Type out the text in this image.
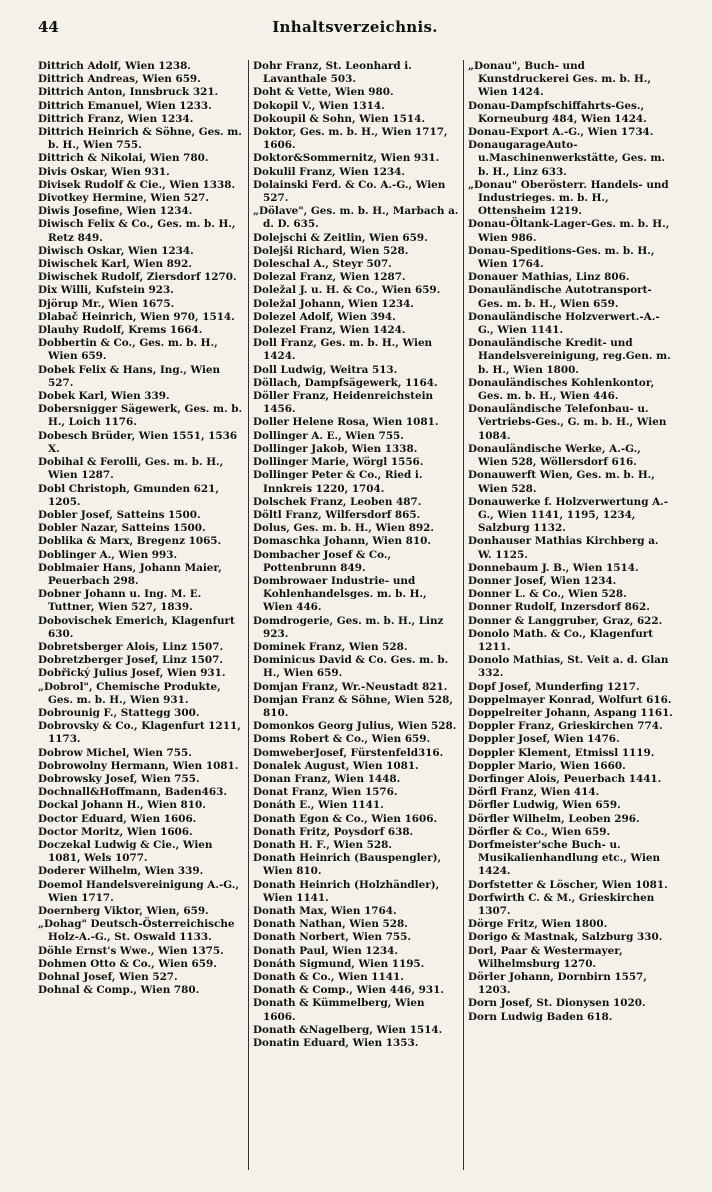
44	Inhaltsverzeichnis.
Dittrich Adolf, Wien 1238.
Dittrich Andreas, Wien 659.
Dittrich Anton, Innsbruck 321.
Dittrich Emanuel, Wien 1233.
Dittrich Franz, Wien 1234.
Dittrich Heinrich & Söhne, Ges. m. b. H., Wien 755.
Dittrich & Nikolai, Wien 780.
Divis Oskar, Wien 931.
Divisek Rudolf & Cie., Wien 1338.
Divotkey Hermine, Wien 527.
Diwis Josefine, Wien 1234.
Diwisch Felix & Co., Ges. m. b. H., Retz 849.
Diwisch Oskar, Wien 1234.
Diwischek Karl, Wien 892.
Diwischek Rudolf, Ziersdorf 1270.
Dix Willi, Kufstein 923.
Djörup Mr., Wien 1675.
Dlabač Heinrich, Wien 970, 1514.
Dlauhy Rudolf, Krems 1664.
Dobbertin & Co., Ges. m. b. H., Wien 659.
Dobek Felix & Hans, Ing., Wien 527.
Dobek Karl, Wien 339.
Dobersnigger Sägewerk, Ges. m. b. H., Loich 1176.
Dobesch Brüder, Wien 1551, 1536 X.
Dobihal & Ferolli, Ges. m. b. H., Wien 1287.
Dobl Christoph, Gmunden 621, 1205.
Dobler Josef, Satteins 1500.
Dobler Nazar, Satteins 1500.
Doblika & Marx, Bregenz 1065.
Doblinger A., Wien 993.
Doblmaier Hans, Johann Maier, Peuerbach 298.
Dobner Johann u. Ing. M. E. Tuttner, Wien 527, 1839.
Dobovischek Emerich, Klagenfurt 630.
Dobretsberger Alois, Linz 1507.
Dobretzberger Josef, Linz 1507.
Dobřický Julius Josef, Wien 931.
„Dobrol", Chemische Produkte, Ges. m. b. H., Wien 931.
Dobrounig F., Stattegg 300.
Dobrovsky & Co., Klagenfurt 1211, 1173.
Dobrow Michel, Wien 755.
Dobrowolny Hermann, Wien 1081.
Dobrowsky Josef, Wien 755.
Dochnall&Hoffmann, Baden463.
Dockal Johann H., Wien 810.
Doctor Eduard, Wien 1606.
Doctor Moritz, Wien 1606.
Doczekal Ludwig & Cie., Wien 1081, Wels 1077.
Doderer Wilhelm, Wien 339.
Doemol Handelsvereinigung A.-G., Wien 1717.
Doernberg Viktor, Wien, 659.
„Dohag" Deutsch-Österreichische Holz-A.-G., St. Oswald 1133.
Döhle Ernst's Wwe., Wien 1375.
Dohmen Otto & Co., Wien 659.
Dohnal Josef, Wien 527.
Dohnal & Comp., Wien 780.
Dohr Franz, St. Leonhard i. Lavanthale 503.
Doht & Vette, Wien 980.
Dokopil V., Wien 1314.
Dokoupil & Sohn, Wien 1514.
Doktor, Ges. m. b. H., Wien 1717, 1606.
Doktor&Sommernitz, Wien 931.
Dokulil Franz, Wien 1234.
Dolainski Ferd. & Co. A.-G., Wien 527.
„Dölave", Ges. m. b. H., Marbach a. d. D. 635.
Dolejschi & Zeitlin, Wien 659.
Dolejši Richard, Wien 528.
Doleschal A., Steyr 507.
Dolezal Franz, Wien 1287.
Doležal J. u. H. & Co., Wien 659.
Doležal Johann, Wien 1234.
Dolezel Adolf, Wien 394.
Dolezel Franz, Wien 1424.
Doll Franz, Ges. m. b. H., Wien 1424.
Doll Ludwig, Weitra 513.
Döllach, Dampfsägewerk, 1164.
Döller Franz, Heidenreichstein 1456.
Doller Helene Rosa, Wien 1081.
Dollinger A. E., Wien 755.
Dollinger Jakob, Wien 1338.
Dollinger Marie, Wörgl 1556.
Dollinger Peter & Co., Ried i. Innkreis 1220, 1704.
Dolschek Franz, Leoben 487.
Döltl Franz, Wilfersdorf 865.
Dolus, Ges. m. b. H., Wien 892.
Domaschka Johann, Wien 810.
Dombacher Josef & Co., Pottenbrunn 849.
Dombrowaer Industrie- und Kohlenhandelsges. m. b. H., Wien 446.
Domdrogerie, Ges. m. b. H., Linz 923.
Dominek Franz, Wien 528.
Dominicus David & Co. Ges. m. b. H., Wien 659.
Domjan Franz, Wr.-Neustadt 821.
Domjan Franz & Söhne, Wien 528, 810.
Domonkos Georg Julius, Wien 528.
Doms Robert & Co., Wien 659.
DomweberJosef, Fürstenfeld316.
Donalek August, Wien 1081.
Donan Franz, Wien 1448.
Donat Franz, Wien 1576.
Donáth E., Wien 1141.
Donath Egon & Co., Wien 1606.
Donath Fritz, Poysdorf 638.
Donath H. F., Wien 528.
Donath Heinrich (Bauspengler), Wien 810.
Donath Heinrich (Holzhändler), Wien 1141.
Donath Max, Wien 1764.
Donath Nathan, Wien 528.
Donath Norbert, Wien 755.
Donath Paul, Wien 1234.
Donáth Sigmund, Wien 1195.
Donath & Co., Wien 1141.
Donath & Comp., Wien 446, 931.
Donath & Kümmelberg, Wien 1606.
Donath &Nagelberg, Wien 1514.
Donatin Eduard, Wien 1353.
„Donau", Buch- und Kunstdruckerei Ges. m. b. H., Wien 1424.
Donau-Dampfschiffahrts-Ges., Korneuburg 484, Wien 1424.
Donau-Export A.-G., Wien 1734.
DonaugarageAuto-u.Maschinenwerkstätte, Ges. m. b. H., Linz 633.
„Donau" Oberösterr. Handels- und Industrieges. m. b. H., Ottensheim 1219.
Donau-Öltank-Lager-Ges. m. b. H., Wien 986.
Donau-Speditions-Ges. m. b. H., Wien 1764.
Donauer Mathias, Linz 806.
Donauländische Autotransport-Ges. m. b. H., Wien 659.
Donauländische Holzverwert.-A.-G., Wien 1141.
Donauländische Kredit- und Handelsvereinigung, reg.Gen. m. b. H., Wien 1800.
Donauländisches Kohlenkontor, Ges. m. b. H., Wien 446.
Donauländische Telefonbau- u. Vertriebs-Ges., G. m. b. H., Wien 1084.
Donauländische Werke, A.-G., Wien 528, Wöllersdorf 616.
Donauwerft Wien, Ges. m. b. H., Wien 528.
Donauwerke f. Holzverwertung A.-G., Wien 1141, 1195, 1234, Salzburg 1132.
Donhauser Mathias Kirchberg a. W. 1125.
Donnebaum J. B., Wien 1514.
Donner Josef, Wien 1234.
Donner L. & Co., Wien 528.
Donner Rudolf, Inzersdorf 862.
Donner & Langgruber, Graz, 622.
Donolo Math. & Co., Klagenfurt 1211.
Donolo Mathias, St. Veit a. d. Glan 332.
Dopf Josef, Munderfing 1217.
Doppelmayer Konrad, Wolfurt 616.
Doppelreiter Johann, Aspang 1161.
Doppler Franz, Grieskirchen 774.
Doppler Josef, Wien 1476.
Doppler Klement, Etmissl 1119.
Doppler Mario, Wien 1660.
Dorfinger Alois, Peuerbach 1441.
Dörfl Franz, Wien 414.
Dörfler Ludwig, Wien 659.
Dörfler Wilhelm, Leoben 296.
Dörfler & Co., Wien 659.
Dorfmeister'sche Buch- u. Musikalienhandlung etc., Wien 1424.
Dorfstetter & Löscher, Wien 1081.
Dorfwirth C. & M., Grieskirchen 1307.
Dörge Fritz, Wien 1800.
Dorigo & Mastnak, Salzburg 330.
Dorl, Paar & Westermayer, Wilhelmsburg 1270.
Dörler Johann, Dornbirn 1557, 1203.
Dorn Josef, St. Dionysen 1020.
Dorn Ludwig Baden 618.
